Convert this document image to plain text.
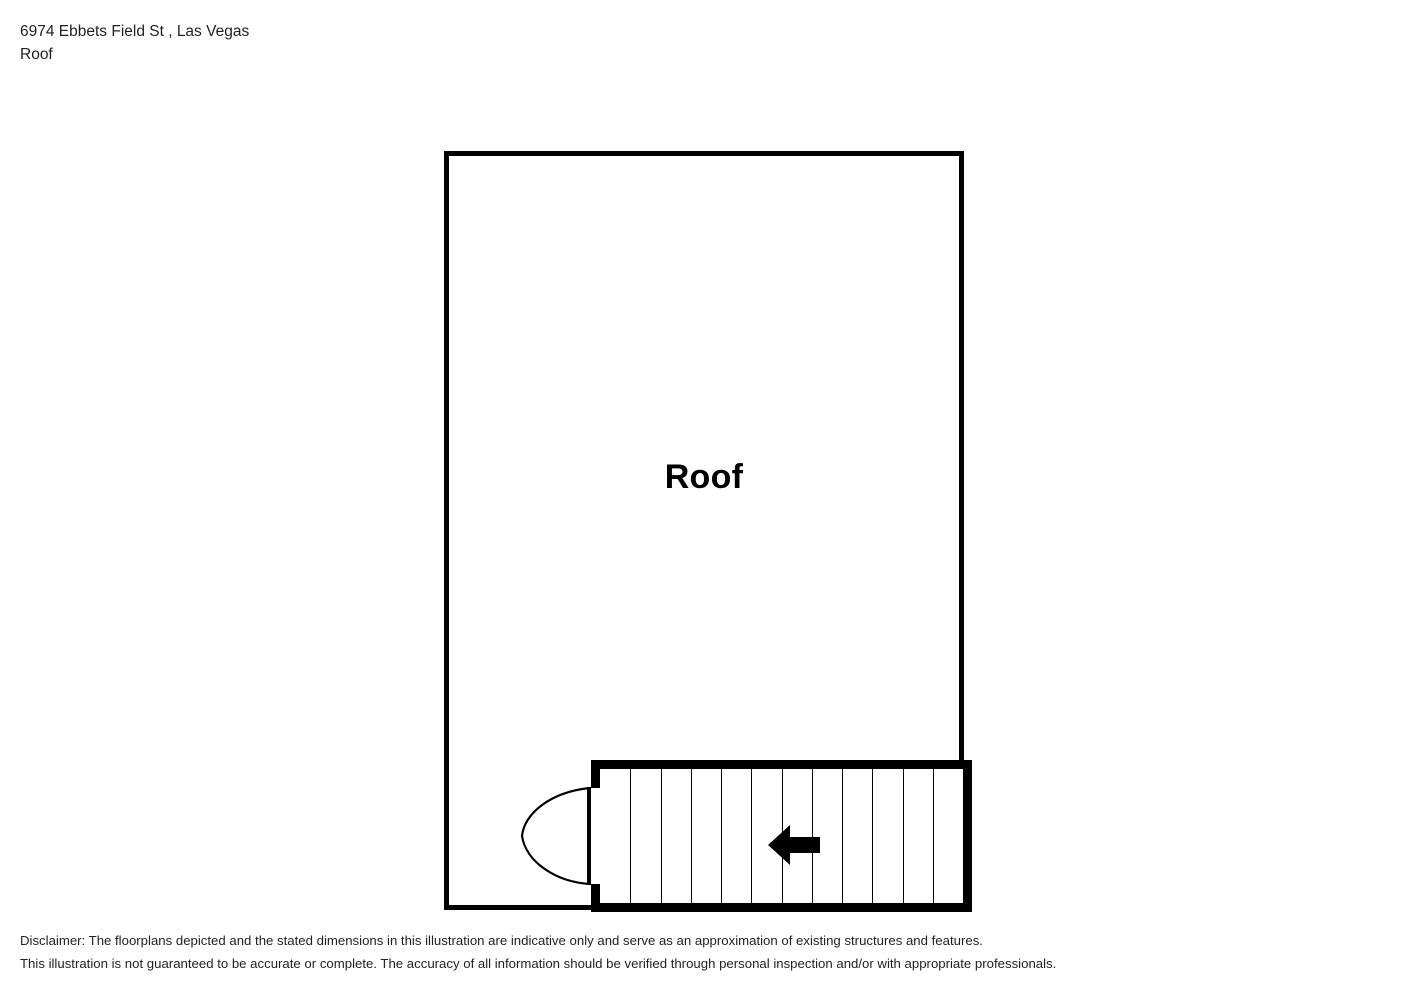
6974 Ebbets Field St , Las Vegas
Roof
Roof
Disclaimer: The floorplans depicted and the stated dimensions in this illustration are indicative only and serve as an approximation of existing structures and features.
This illustration is not guaranteed to be accurate or complete. The accuracy of all information should be verified through personal inspection and/or with appropriate professionals.
